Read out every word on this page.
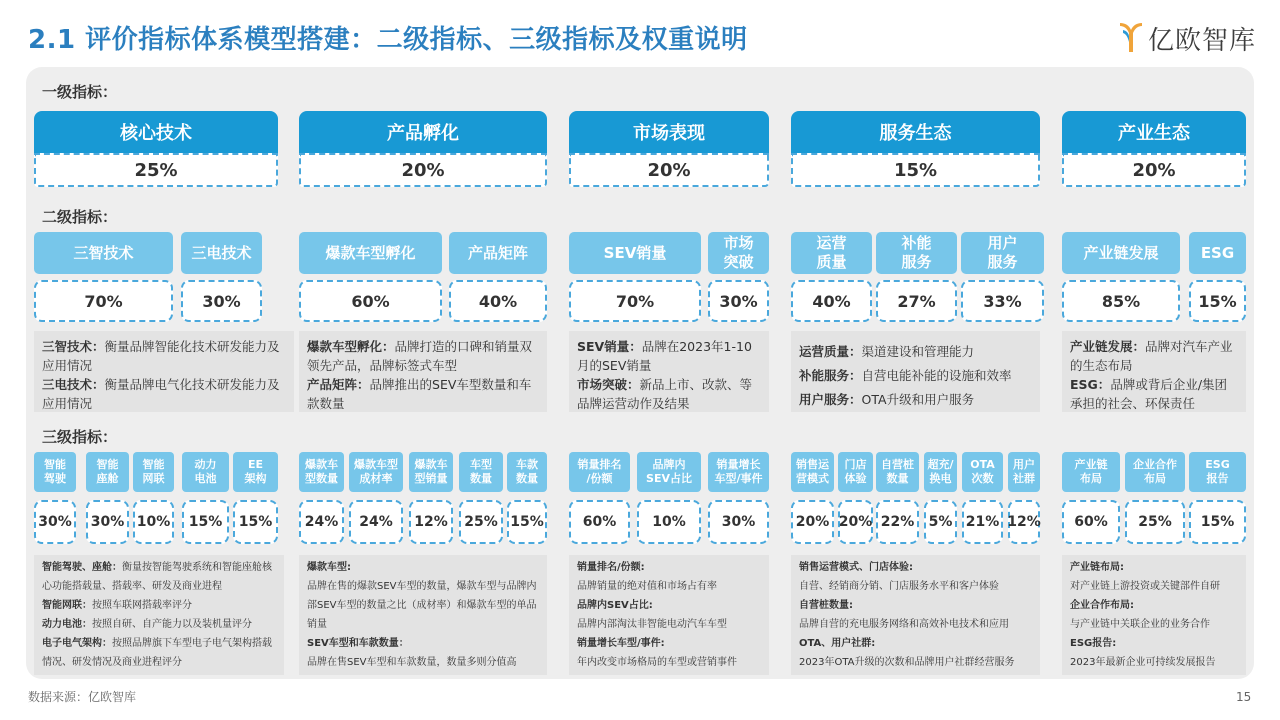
2.1 评价指标体系模型搭建：二级指标、三级指标及权重说明	亿欧智库
一级指标：
二级指标：
三级指标：
核心技术
25%
产品孵化
20%
市场表现
20%
服务生态
15%
产业生态
20%
三智技术
70%
三电技术
30%
爆款车型孵化
60%
产品矩阵
40%
SEV销量
70%
市场
突破
30%
运营
质量
40%
补能
服务
27%
用户
服务
33%
产业链发展
85%
ESG
15%
三智技术：衡量品牌智能化技术研发能力及应用情况
三电技术：衡量品牌电气化技术研发能力及应用情况
爆款车型孵化：品牌打造的口碑和销量双领先产品，品牌标签式车型
产品矩阵：品牌推出的SEV车型数量和车款数量
SEV销量：品牌在2023年1-10月的SEV销量
市场突破：新品上市、改款、等品牌运营动作及结果
运营质量：渠道建设和管理能力
补能服务：自营电能补能的设施和效率
用户服务：OTA升级和用户服务
产业链发展：品牌对汽车产业的生态布局
ESG：品牌或背后企业/集团承担的社会、环保责任
智能
驾驶
30%
智能
座舱
30%
智能
网联
10%
动力
电池
15%
EE
架构
15%
爆款车
型数量
24%
爆款车型
成材率
24%
爆款车
型销量
12%
车型
数量
25%
车款
数量
15%
销量排名
/份额
60%
品牌内
SEV占比
10%
销量增长
车型/事件
30%
销售运
营模式
20%
门店
体验
20%
自营桩
数量
22%
超充/
换电
5%
OTA
次数
21%
用户
社群
12%
产业链
布局
60%
企业合作
布局
25%
ESG
报告
15%
智能驾驶、座舱：衡量按智能驾驶系统和智能座舱核心功能搭载量、搭载率、研发及商业进程
智能网联：按照车联网搭载率评分
动力电池：按照自研、自产能力以及装机量评分
电子电气架构：按照品牌旗下车型电子电气架构搭载情况、研发情况及商业进程评分
爆款车型:
品牌在售的爆款SEV车型的数量，爆款车型与品牌内部SEV车型的数量之比（成材率）和爆款车型的单品销量
SEV车型和车款数量：
品牌在售SEV车型和车款数量，数量多则分值高
销量排名/份额:
品牌销量的绝对值和市场占有率
品牌内SEV占比:
品牌内部淘汰非智能电动汽车车型
销量增长车型/事件:
年内改变市场格局的车型或营销事件
销售运营模式、门店体验:
自营、经销商分销、门店服务水平和客户体验
自营桩数量:
品牌自营的充电服务网络和高效补电技术和应用
OTA、用户社群:
2023年OTA升级的次数和品牌用户社群经营服务
产业链布局:
对产业链上游投资或关键部件自研
企业合作布局:
与产业链中关联企业的业务合作
ESG报告:
2023年最新企业可持续发展报告
数据来源：亿欧智库	15
